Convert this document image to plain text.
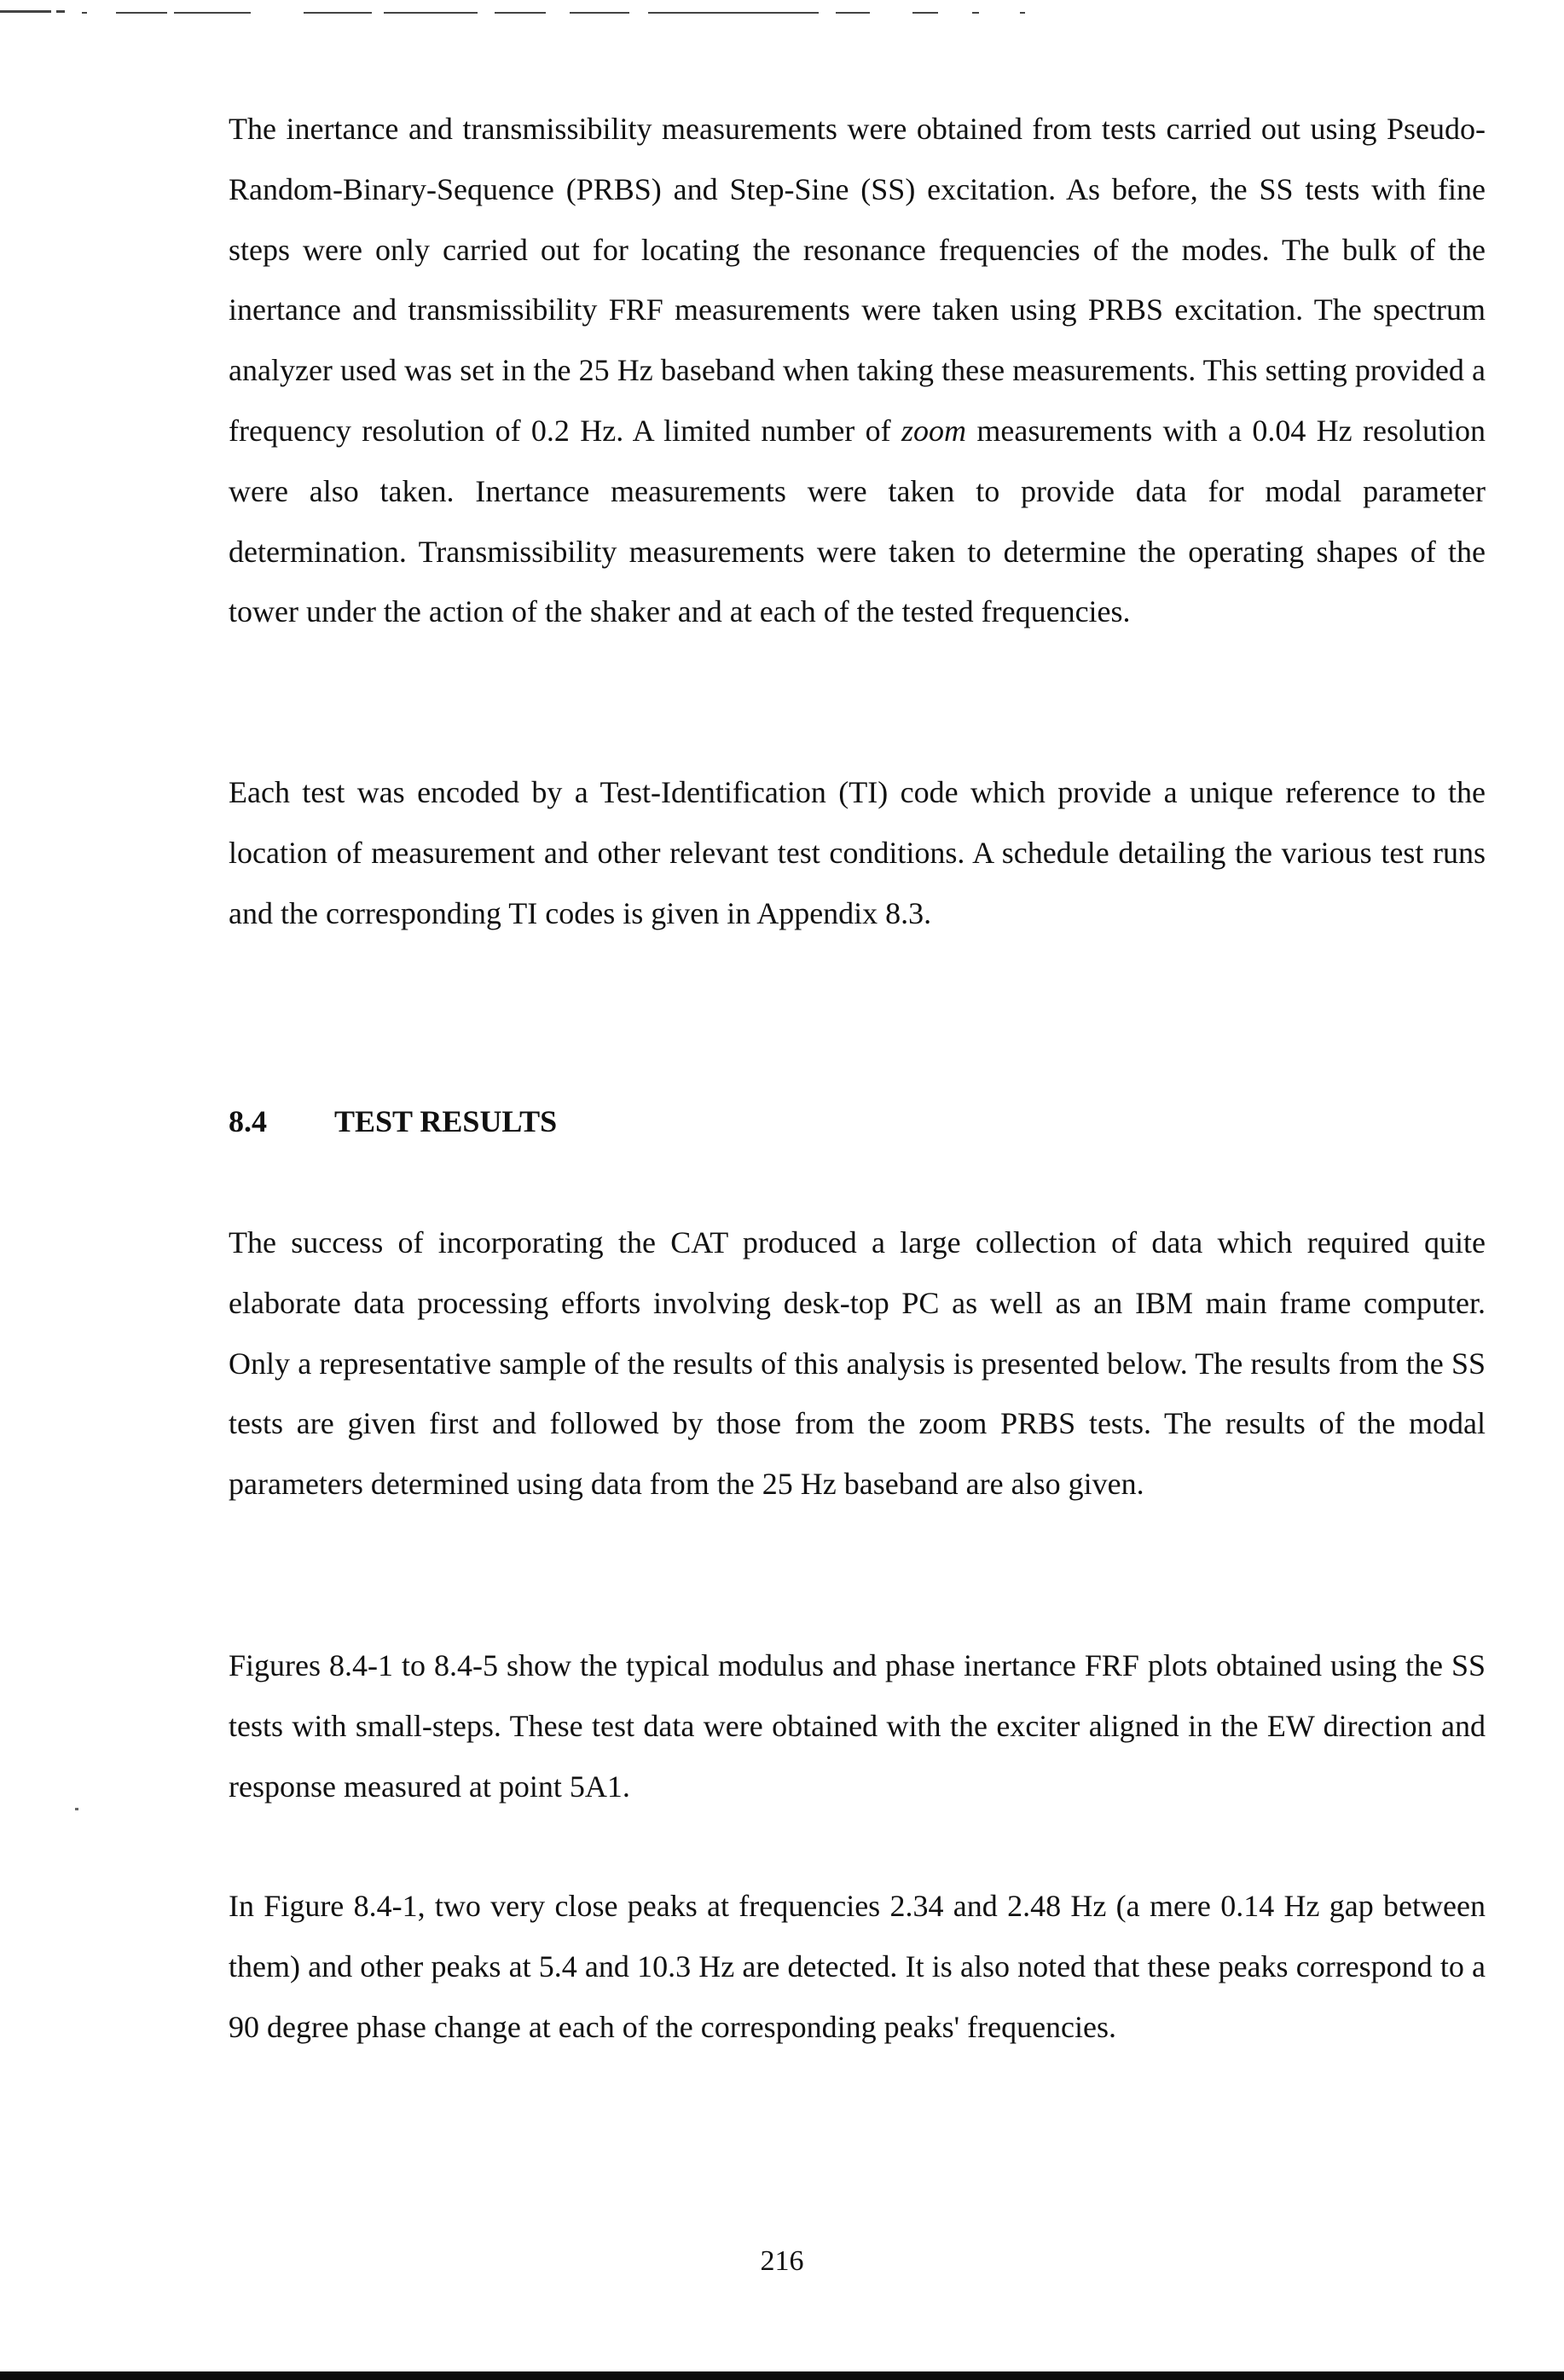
The inertance and transmissibility measurements were obtained from tests carried out using Pseudo-Random-Binary-Sequence (PRBS) and Step-Sine (SS) excitation. As before, the SS tests with fine steps were only carried out for locating the resonance frequencies of the modes. The bulk of the inertance and transmissibility FRF measurements were taken using PRBS excitation. The spectrum analyzer used was set in the 25 Hz baseband when taking these measurements. This setting provided a frequency resolution of 0.2 Hz. A limited number of zoom measurements with a 0.04 Hz resolution were also taken. Inertance measurements were taken to provide data for modal parameter determination. Transmissibility measurements were taken to determine the operating shapes of the tower under the action of the shaker and at each of the tested frequencies.

Each test was encoded by a Test-Identification (TI) code which provide a unique reference to the location of measurement and other relevant test conditions. A schedule detailing the various test runs and the corresponding TI codes is given in Appendix 8.3.

8.4 TEST RESULTS

The success of incorporating the CAT produced a large collection of data which required quite elaborate data processing efforts involving desk-top PC as well as an IBM main frame computer. Only a representative sample of the results of this analysis is presented below. The results from the SS tests are given first and followed by those from the zoom PRBS tests. The results of the modal parameters determined using data from the 25 Hz baseband are also given.

Figures 8.4-1 to 8.4-5 show the typical modulus and phase inertance FRF plots obtained using the SS tests with small-steps. These test data were obtained with the exciter aligned in the EW direction and response measured at point 5A1.

In Figure 8.4-1, two very close peaks at frequencies 2.34 and 2.48 Hz (a mere 0.14 Hz gap between them) and other peaks at 5.4 and 10.3 Hz are detected. It is also noted that these peaks correspond to a 90 degree phase change at each of the corresponding peaks' frequencies.

216
